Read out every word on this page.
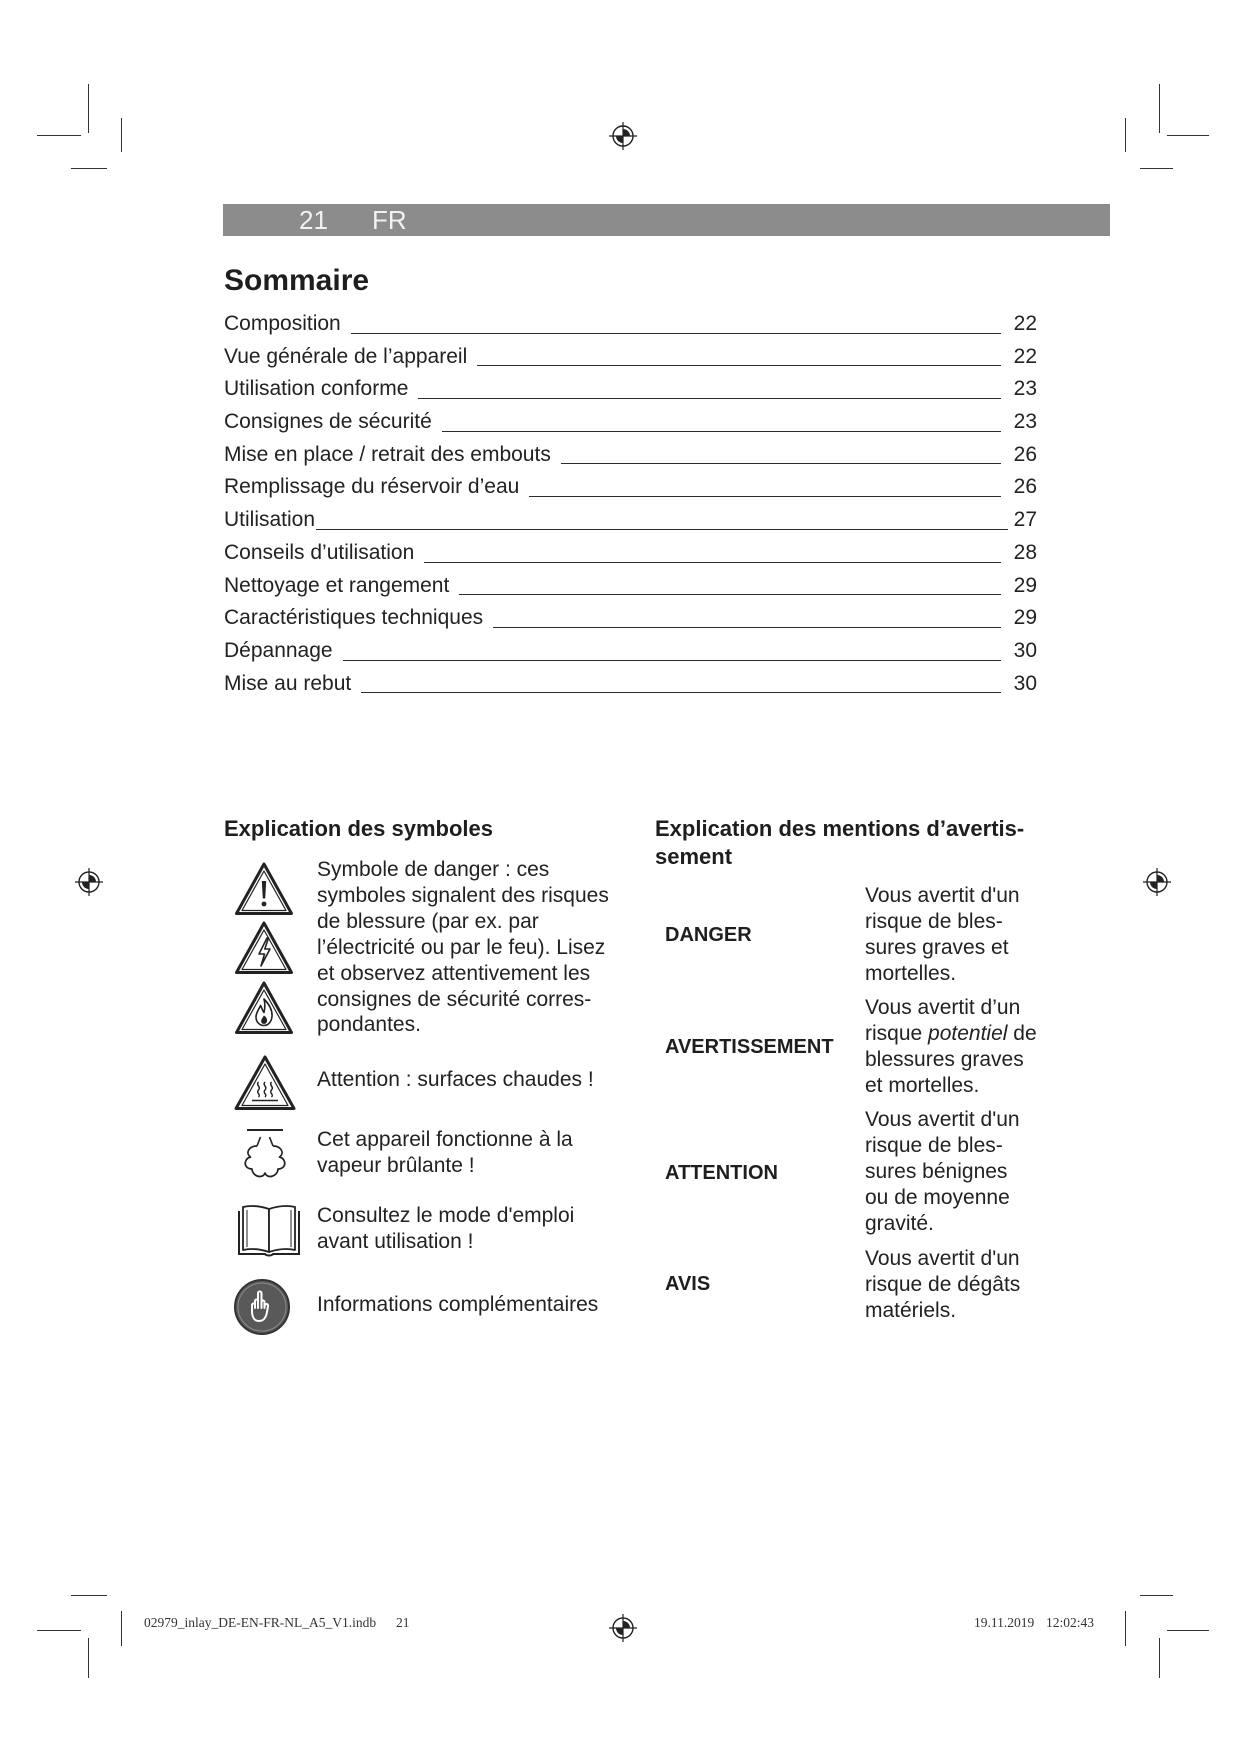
21 FR
Sommaire
Composition	22
Vue générale de l’appareil	22
Utilisation conforme	23
Consignes de sécurité	23
Mise en place / retrait des embouts	26
Remplissage du réservoir d’eau	26
Utilisation	27
Conseils d’utilisation	28
Nettoyage et rangement	29
Caractéristiques techniques	29
Dépannage	30
Mise au rebut	30
Explication des symboles
Symbole de danger : ces
symboles signalent des risques
de blessure (par ex. par
l’électricité ou par le feu). Lisez
et observez attentivement les
consignes de sécurité corres-
pondantes.
Attention : surfaces chaudes !
Cet appareil fonctionne à la
vapeur brûlante !
Consultez le mode d'emploi
avant utilisation !
Informations complémentaires
Explication des mentions d’avertis-
sement
DANGER
Vous avertit d'un
risque de bles-
sures graves et
mortelles.
AVERTISSEMENT
Vous avertit d’un
risque potentiel de
blessures graves
et mortelles.
ATTENTION
Vous avertit d'un
risque de bles-
sures bénignes
ou de moyenne
gravité.
AVIS
Vous avertit d'un
risque de dégâts
matériels.
02979_inlay_DE-EN-FR-NL_A5_V1.indb 21	19.11.2019 12:02:43
